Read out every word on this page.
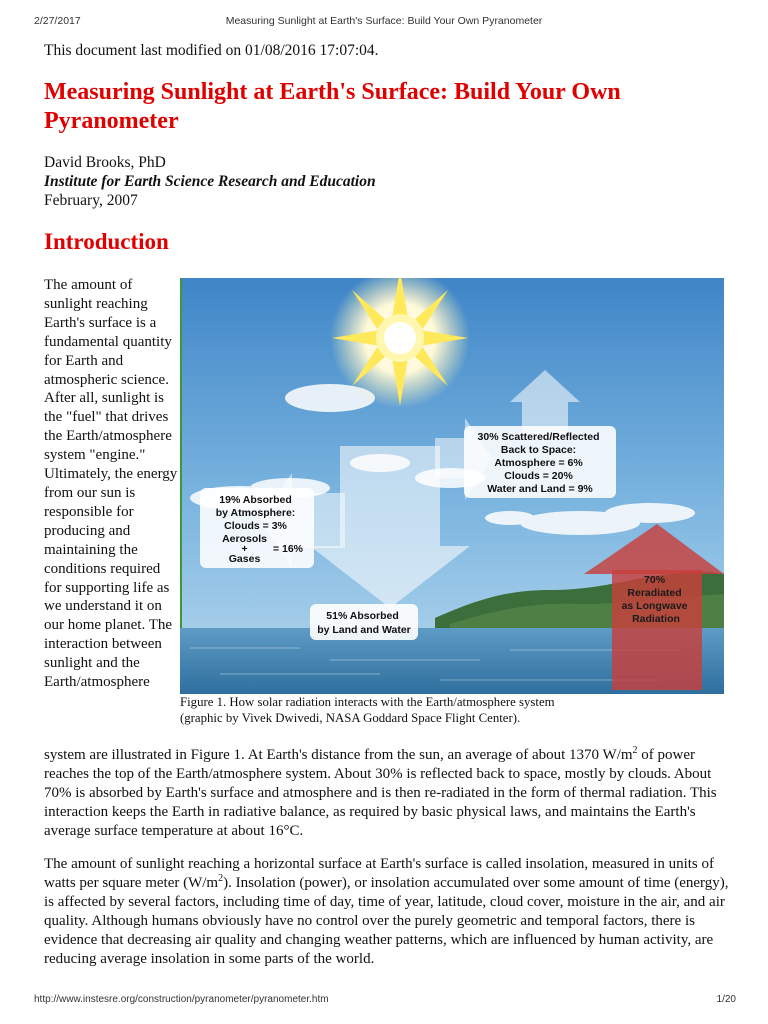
2/27/2017	Measuring Sunlight at Earth's Surface: Build Your Own Pyranometer
This document last modified on 01/08/2016 17:07:04.
Measuring Sunlight at Earth's Surface: Build Your Own Pyranometer
David Brooks, PhD
Institute for Earth Science Research and Education
February, 2007
Introduction
The amount of sunlight reaching Earth's surface is a fundamental quantity for Earth and atmospheric science. After all, sunlight is the "fuel" that drives the Earth/atmosphere system "engine." Ultimately, the energy from our sun is responsible for producing and maintaining the conditions required for supporting life as we understand it on our home planet. The interaction between sunlight and the Earth/atmosphere
30% Scattered/Reflected Back to Space: Atmosphere = 6% Clouds = 20% Water and Land = 9%
19% Absorbed by Atmosphere: Clouds = 3% Aerosols + Gases = 16%
51% Absorbed by Land and Water
70% Reradiated as Longwave Radiation
Figure 1. How solar radiation interacts with the Earth/atmosphere system
(graphic by Vivek Dwivedi, NASA Goddard Space Flight Center).

system are illustrated in Figure 1. At Earth's distance from the sun, an average of about 1370 $W/m^2$ of power reaches the top of the Earth/atmosphere system. About 30% is reflected back to space, mostly by clouds. About 70% is absorbed by Earth's surface and atmosphere and is then re-radiated in the form of thermal radiation. This interaction keeps the Earth in radiative balance, as required by basic physical laws, and maintains the Earth's average surface temperature at about 16°C.

The amount of sunlight reaching a horizontal surface at Earth's surface is called insolation, measured in units of watts per square meter $(W/m^2)$. Insolation (power), or insolation accumulated over some amount of time (energy), is affected by several factors, including time of day, time of year, latitude, cloud cover, moisture in the air, and air quality. Although humans obviously have no control over the purely geometric and temporal factors, there is evidence that decreasing air quality and changing weather patterns, which are influenced by human activity, are reducing average insolation in some parts of the world.

http://www.instesre.org/construction/pyranometer/pyranometer.htm	1/20
